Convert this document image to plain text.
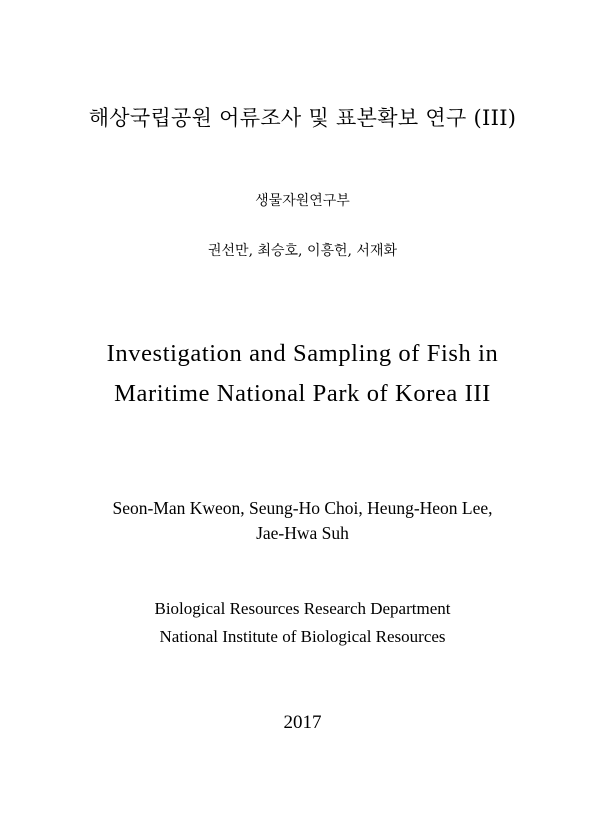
해상국립공원 어류조사 및 표본확보 연구 (III)
생물자원연구부
권선만, 최승호, 이흥헌, 서재화
Investigation and Sampling of Fish in
Maritime National Park of Korea III
Seon-Man Kweon, Seung-Ho Choi, Heung-Heon Lee,
Jae-Hwa Suh
Biological Resources Research Department
National Institute of Biological Resources
2017
